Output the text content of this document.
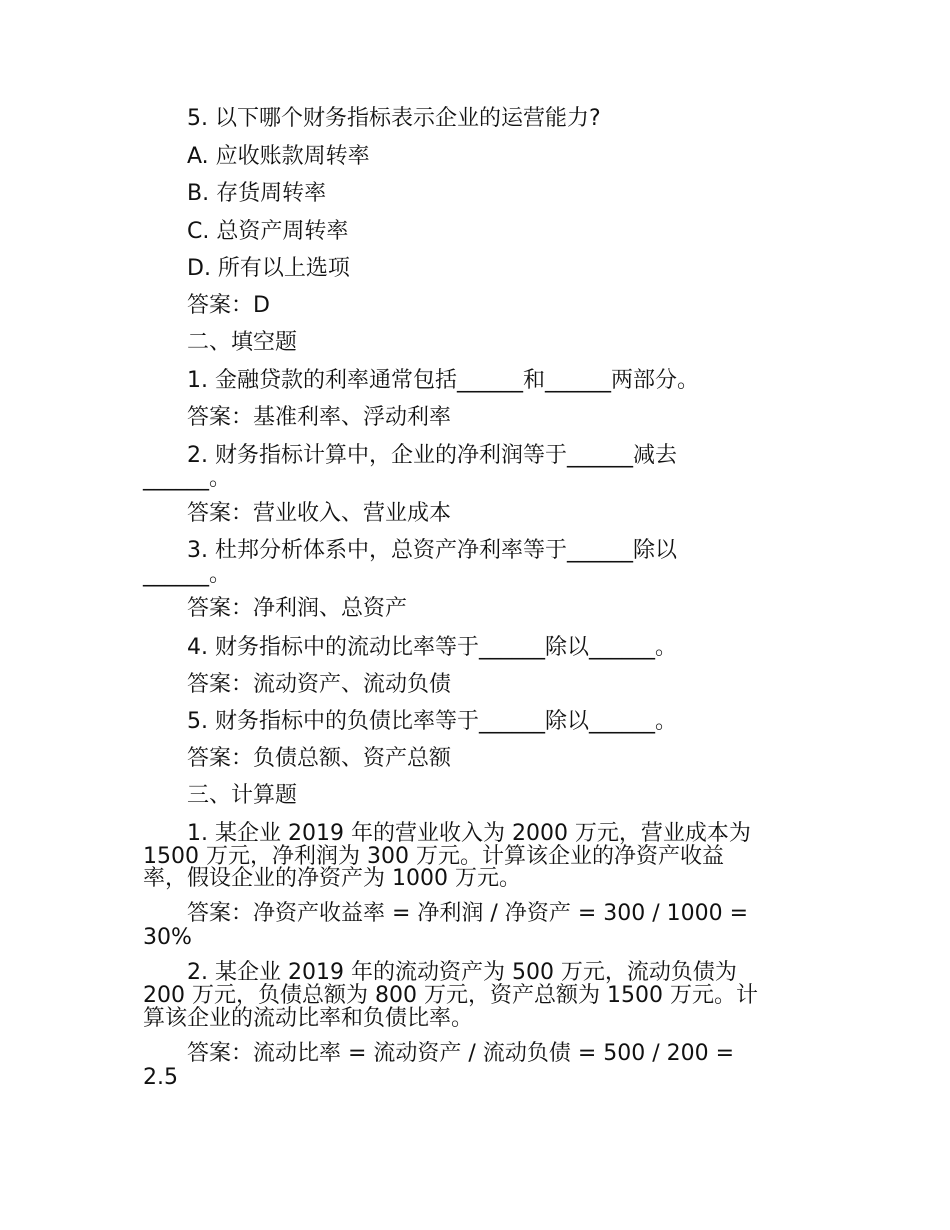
5. 以下哪个财务指标表示企业的运营能力?
A. 应收账款周转率
B. 存货周转率
C. 总资产周转率
D. 所有以上选项
答案：D
二、填空题
1. 金融贷款的利率通常包括______和______两部分。
答案：基准利率、浮动利率
2. 财务指标计算中，企业的净利润等于______减去
______。
答案：营业收入、营业成本
3. 杜邦分析体系中，总资产净利率等于______除以
______。
答案：净利润、总资产
4. 财务指标中的流动比率等于______除以______。
答案：流动资产、流动负债
5. 财务指标中的负债比率等于______除以______。
答案：负债总额、资产总额
三、计算题
1. 某企业 2019 年的营业收入为 2000 万元，营业成本为
1500 万元，净利润为 300 万元。计算该企业的净资产收益
率，假设企业的净资产为 1000 万元。
答案：净资产收益率 = 净利润 / 净资产 = 300 / 1000 =
30%
2. 某企业 2019 年的流动资产为 500 万元，流动负债为
200 万元，负债总额为 800 万元，资产总额为 1500 万元。计
算该企业的流动比率和负债比率。
答案：流动比率 = 流动资产 / 流动负债 = 500 / 200 =
2.5
